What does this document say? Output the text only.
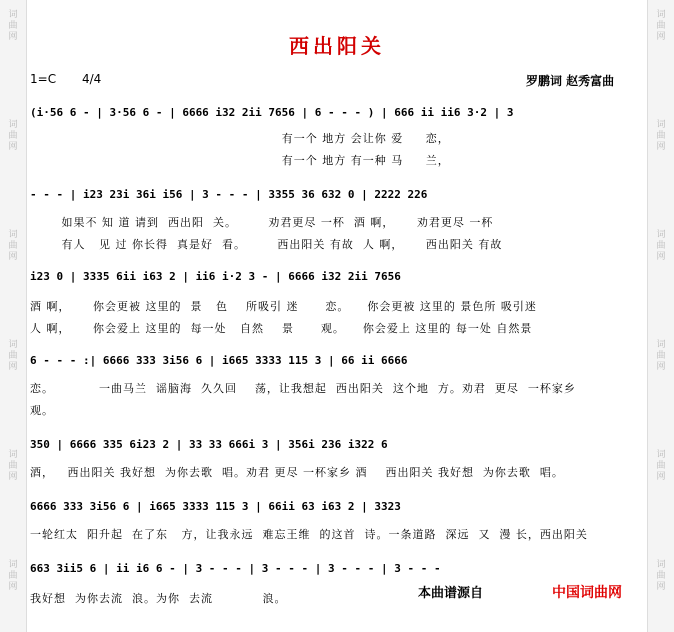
词
曲
网
词
曲
网
词
曲
网
词
曲
网
词
曲
网
词
曲
网
词
曲
网
词
曲
网
词
曲
网
词
曲
网
词
曲
网
词
曲
网
西出阳关
1=C 4/4	罗鹏词 赵秀富曲
(i·56 6 - | 3·56 6 - | 6666 i32 2ii 7656 | 6 - - - ) | 666 ii ii6 3·2 | 3
有一个 地方 会让你 爱     恋，
有一个 地方 有一种 马     兰，
- - - | i23 23i 36i i56 | 3 - - - | 3355 36 632 0 | 2222 226
如果不 知 道 请到  西出阳  关。       劝君更尽 一杯  酒 啊，     劝君更尽 一杯
有人   见 过 你长得  真是好  看。       西出阳关 有故  人 啊，     西出阳关 有故
i23 0 | 3335 6ii i63 2 | ii6 i·2 3 - | 6666 i32 2ii 7656
酒 啊，     你会更被 这里的  景   色    所吸引 迷      恋。    你会更被 这里的 景色所 吸引迷
人 啊，     你会爱上 这里的  每一处   自然    景      观。    你会爱上 这里的 每一处 自然景
6 - - - :| 6666 333 3i56 6 | i665 3333 115 3 | 66 ii 6666
恋。          一曲马兰  谣脑海  久久回    荡，让我想起  西出阳关  这个地  方。劝君  更尽  一杯家乡
观。
350 | 6666 335 6i23 2 | 33 33 666i 3 | 356i 236 i322 6
酒，   西出阳关 我好想  为你去歌  唱。劝君 更尽 一杯家乡 酒    西出阳关 我好想  为你去歌  唱。
6666 333 3i56 6 | i665 3333 115 3 | 66ii 63 i63 2 | 3323
一轮红太  阳升起  在了东   方，让我永远  难忘王维  的这首  诗。一条道路  深远  又  漫 长，西出阳关
663 3ii5 6 | ii i6 6 - | 3 - - - | 3 - - - | 3 - - - | 3 - - -
我好想  为你去流  浪。为你  去流           浪。	本曲谱源自	中国词曲网
